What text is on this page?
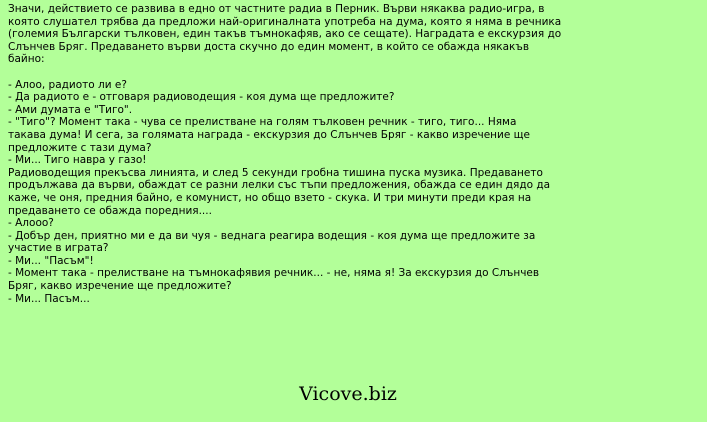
Значи, действието се развива в едно от частните радиа в Перник. Върви някаква радио-игра, в
която слушател трябва да предложи най-оригиналната употреба на дума, която я няма в речника
(големия Български тълковен, един такъв тъмнокафяв, ако се сещате). Наградата е екскурзия до
Слънчев Бряг. Предаването върви доста скучно до един момент, в който се обажда някакъв
байно:
- Алоо, радиото ли е?
- Да радиото е - отговаря радиоводещия - коя дума ще предложите?
- Ами думата е "Тиго".
- "Тиго"? Момент така - чува се прелистване на голям тълковен речник - тиго, тиго... Няма
такава дума! И сега, за голямата награда - екскурзия до Слънчев Бряг - какво изречение ще
предложите с тази дума?
- Ми... Тиго навра у газо!
Радиоводещия прекъсва линията, и след 5 секунди гробна тишина пуска музика. Предаването
продължава да върви, обаждат се разни лелки със тъпи предложения, обажда се един дядо да
каже, че оня, предния байно, е комунист, но общо взето - скука. И три минути преди края на
предаването се обажда поредния....
- Алооо?
- Добър ден, приятно ми е да ви чуя - веднага реагира водещия - коя дума ще предложите за
участие в играта?
- Ми... "Пасъм"!
- Момент така - прелистване на тъмнокафявия речник... - не, няма я! За екскурзия до Слънчев
Бряг, какво изречение ще предложите?
- Ми... Пасъм...
Vicove.biz
